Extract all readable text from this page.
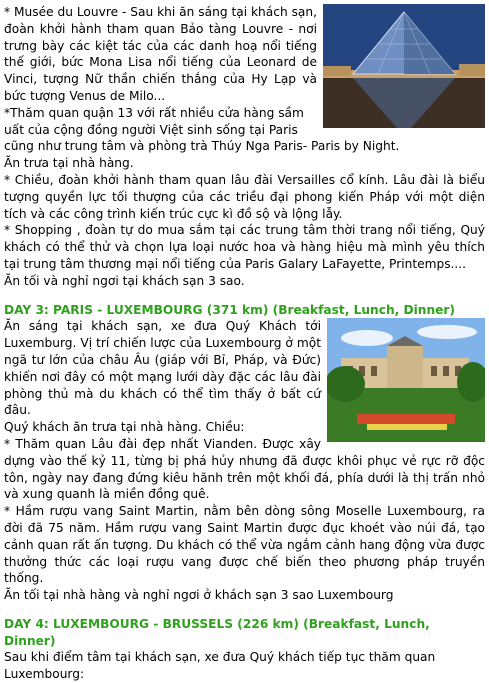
* Musée du Louvre - Sau khi ăn sáng tại khách sạn, đoàn khởi hành tham quan Bảo tàng Louvre - nơi trưng bày các kiệt tác của các danh hoạ nổi tiếng thế giới, bức Mona Lisa nổi tiếng của Leonard de Vinci, tượng Nữ thần chiến thắng của Hy Lạp và bức tượng Venus de Milo...

*Thăm quan quận 13 với rất nhiều cửa hàng sầm uất của cộng đồng người Việt sinh sống tại Paris cũng như trung tâm và phòng trà Thúy Nga Paris- Paris by Night.

Ăn trưa tại nhà hàng.

* Chiều, đoàn khởi hành tham quan lâu đài Versailles cổ kính. Lâu đài là biểu tượng quyền lực tối thượng của các triều đại phong kiến Pháp với một diện tích và các công trình kiến trúc cực kì đồ sộ và lộng lẫy.

* Shopping , đoàn tự do mua sắm tại các trung tâm thời trang nổi tiếng, Quý khách có thể thử và chọn lựa loại nước hoa và hàng hiệu mà mình yêu thích tại trung tâm thương mại nổi tiếng của Paris Galary LaFayette, Printemps....

Ăn tối và nghỉ ngơi tại khách sạn 3 sao.

DAY 3: PARIS - LUXEMBOURG (371 km) (Breakfast, Lunch, Dinner)

Ăn sáng tại khách sạn, xe đưa Quý Khách tới Luxemburg. Vị trí chiến lược của Luxembourg ở một ngã tư lớn của châu Âu (giáp với Bỉ, Pháp, và Đức) khiến nơi đây có một mạng lưới dày đặc các lâu đài phòng thủ mà du khách có thể tìm thấy ở bất cứ đâu.

Quý khách ăn trưa tại nhà hàng. Chiều:

* Thăm quan Lâu đài đẹp nhất Vianden. Được xây dựng vào thế kỷ 11, từng bị phá hủy nhưng đã được khôi phục vẻ rực rỡ độc tôn, ngày nay đang đứng kiêu hãnh trên một khối đá, phía dưới là thị trấn nhỏ và xung quanh là miền đồng quê.

* Hầm rượu vang Saint Martin, nằm bên dòng sông Moselle Luxembourg, ra đời đã 75 năm. Hầm rượu vang Saint Martin được đục khoét vào núi đá, tạo cảnh quan rất ấn tượng. Du khách có thể vừa ngắm cảnh hang động vừa được thưởng thức các loại rượu vang được chế biến theo phương pháp truyền thống.

Ăn tối tại nhà hàng và nghỉ ngơi ở khách sạn 3 sao Luxembourg

DAY 4: LUXEMBOURG - BRUSSELS (226 km) (Breakfast, Lunch, Dinner)

Sau khi điểm tâm tại khách sạn, xe đưa Quý khách tiếp tục thăm quan Luxembourg:
